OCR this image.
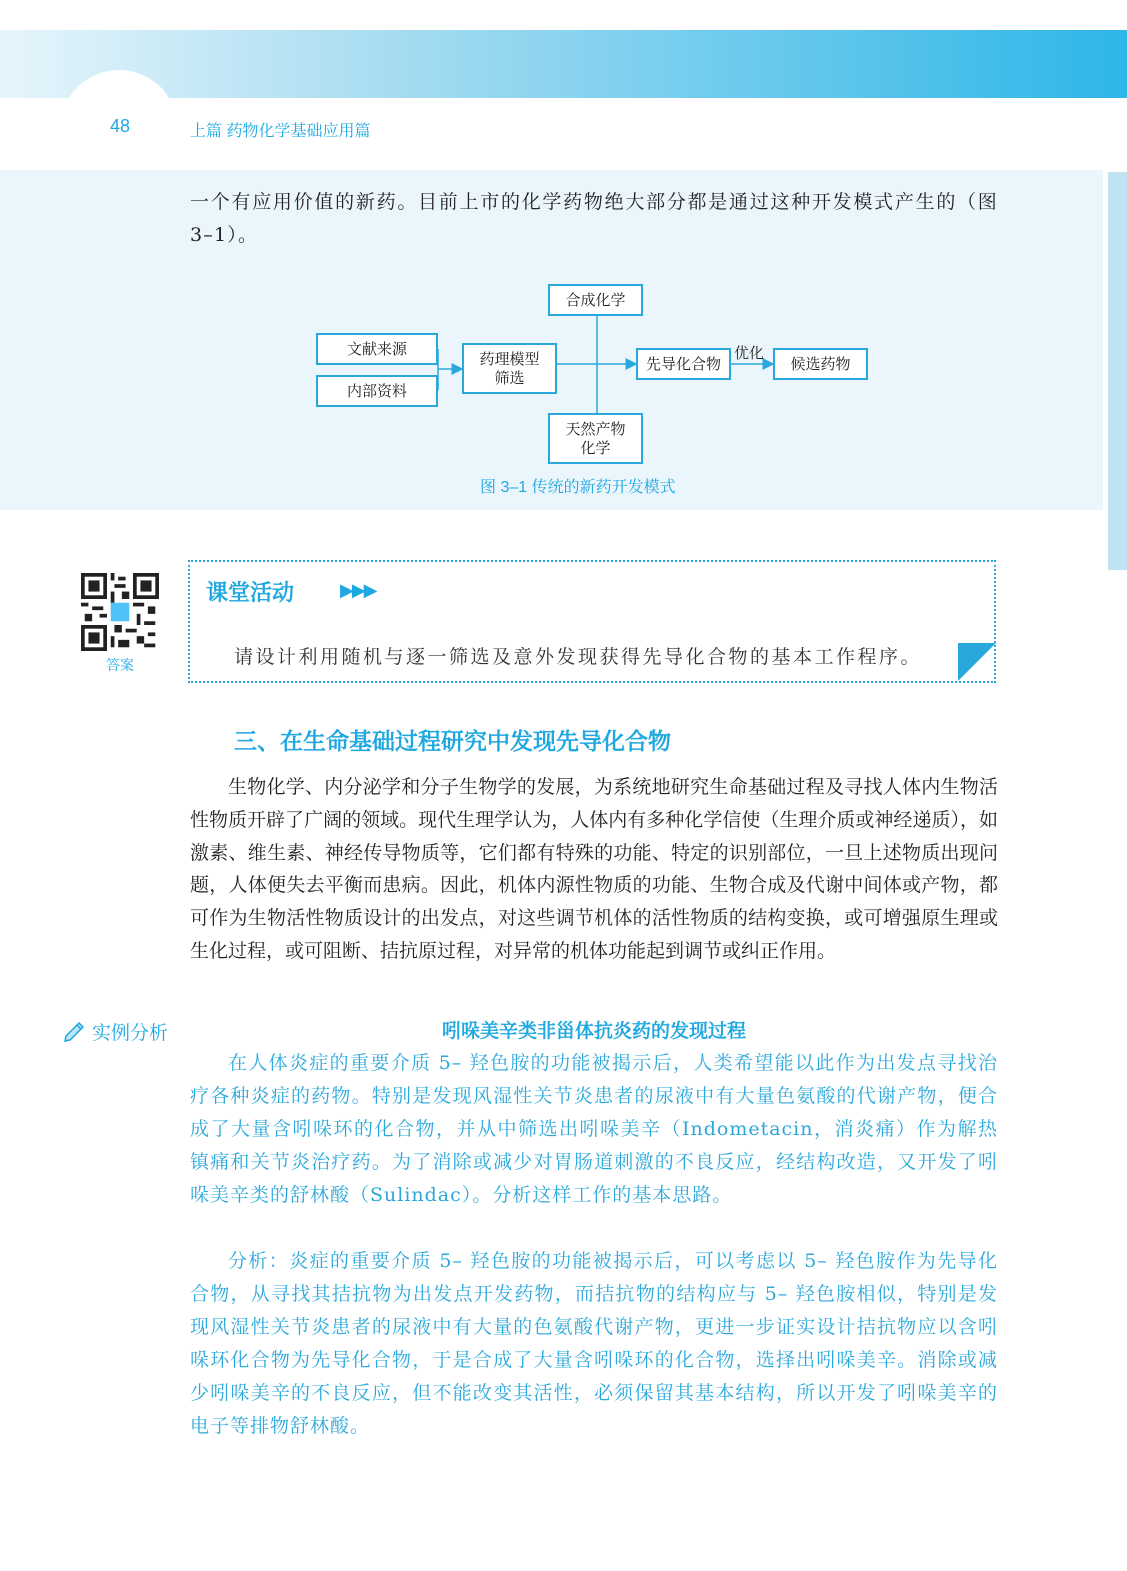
48	上篇 药物化学基础应用篇
一个有应用价值的新药。目前上市的化学药物绝大部分都是通过这种开发模式产生的（图 3–1）。
文献来源
内部资料
药理模型筛选
合成化学
天然产物化学
先导化合物	候选药物
优化
图 3–1 传统的新药开发模式
答案
课堂活动	▶▶▶
请设计利用随机与逐一筛选及意外发现获得先导化合物的基本工作程序。
三、在生命基础过程研究中发现先导化合物
生物化学、内分泌学和分子生物学的发展，为系统地研究生命基础过程及寻找人体内生物活性物质开辟了广阔的领域。现代生理学认为，人体内有多种化学信使（生理介质或神经递质），如激素、维生素、神经传导物质等，它们都有特殊的功能、特定的识别部位，一旦上述物质出现问题，人体便失去平衡而患病。因此，机体内源性物质的功能、生物合成及代谢中间体或产物，都可作为生物活性物质设计的出发点，对这些调节机体的活性物质的结构变换，或可增强原生理或生化过程，或可阻断、拮抗原过程，对异常的机体功能起到调节或纠正作用。
实例分析	吲哚美辛类非甾体抗炎药的发现过程
在人体炎症的重要介质 5– 羟色胺的功能被揭示后，人类希望能以此作为出发点寻找治疗各种炎症的药物。特别是发现风湿性关节炎患者的尿液中有大量色氨酸的代谢产物，便合成了大量含吲哚环的化合物，并从中筛选出吲哚美辛（Indometacin，消炎痛）作为解热镇痛和关节炎治疗药。为了消除或减少对胃肠道刺激的不良反应，经结构改造，又开发了吲哚美辛类的舒林酸（Sulindac）。分析这样工作的基本思路。
分析：炎症的重要介质 5– 羟色胺的功能被揭示后，可以考虑以 5– 羟色胺作为先导化合物，从寻找其拮抗物为出发点开发药物，而拮抗物的结构应与 5– 羟色胺相似，特别是发现风湿性关节炎患者的尿液中有大量的色氨酸代谢产物，更进一步证实设计拮抗物应以含吲哚环化合物为先导化合物，于是合成了大量含吲哚环的化合物，选择出吲哚美辛。消除或减少吲哚美辛的不良反应，但不能改变其活性，必须保留其基本结构，所以开发了吲哚美辛的电子等排物舒林酸。
